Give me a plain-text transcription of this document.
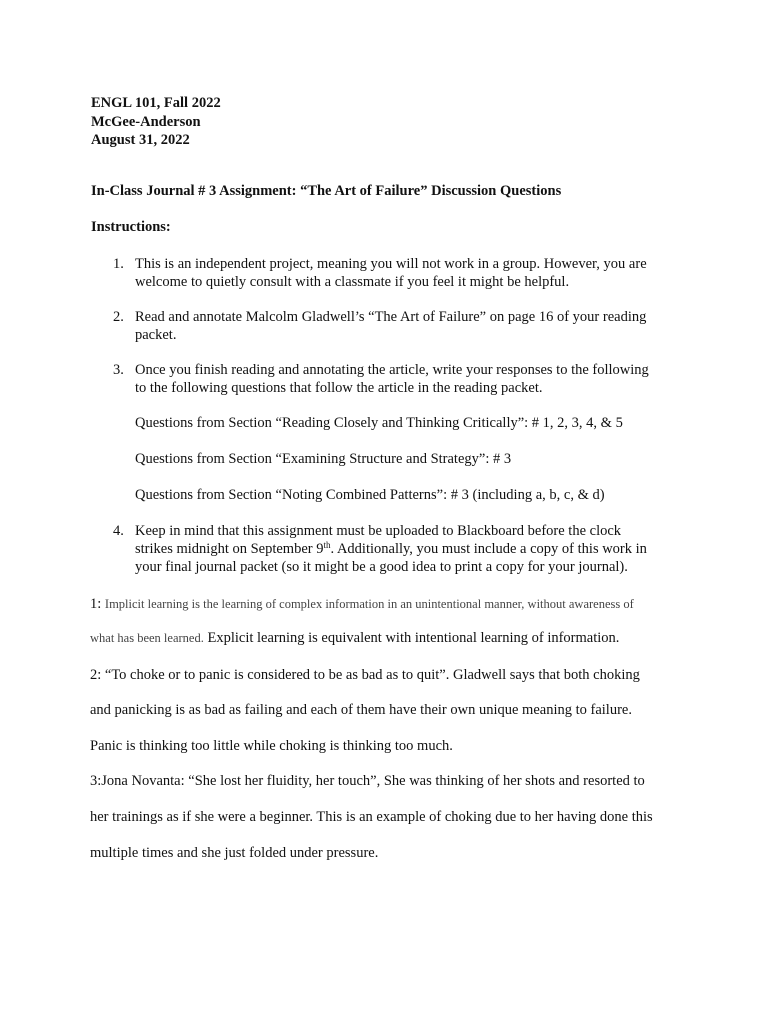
ENGL 101, Fall 2022
McGee-Anderson
August 31, 2022
In-Class Journal # 3 Assignment: “The Art of Failure” Discussion Questions
Instructions:
1. This is an independent project, meaning you will not work in a group. However, you are
welcome to quietly consult with a classmate if you feel it might be helpful.
2. Read and annotate Malcolm Gladwell’s “The Art of Failure” on page 16 of your reading
packet.
3. Once you finish reading and annotating the article, write your responses to the following
to the following questions that follow the article in the reading packet.
Questions from Section “Reading Closely and Thinking Critically”: # 1, 2, 3, 4, & 5
Questions from Section “Examining Structure and Strategy”: # 3
Questions from Section “Noting Combined Patterns”: # 3 (including a, b, c, & d)
4. Keep in mind that this assignment must be uploaded to Blackboard before the clock
strikes midnight on September 9th. Additionally, you must include a copy of this work in
your final journal packet (so it might be a good idea to print a copy for your journal).
1: Implicit learning is the learning of complex information in an unintentional manner, without awareness of
what has been learned. Explicit learning is equivalent with intentional learning of information.
2: “To choke or to panic is considered to be as bad as to quit”. Gladwell says that both choking
and panicking is as bad as failing and each of them have their own unique meaning to failure.
Panic is thinking too little while choking is thinking too much.
3:Jona Novanta: “She lost her fluidity, her touch”, She was thinking of her shots and resorted to
her trainings as if she were a beginner. This is an example of choking due to her having done this
multiple times and she just folded under pressure.
